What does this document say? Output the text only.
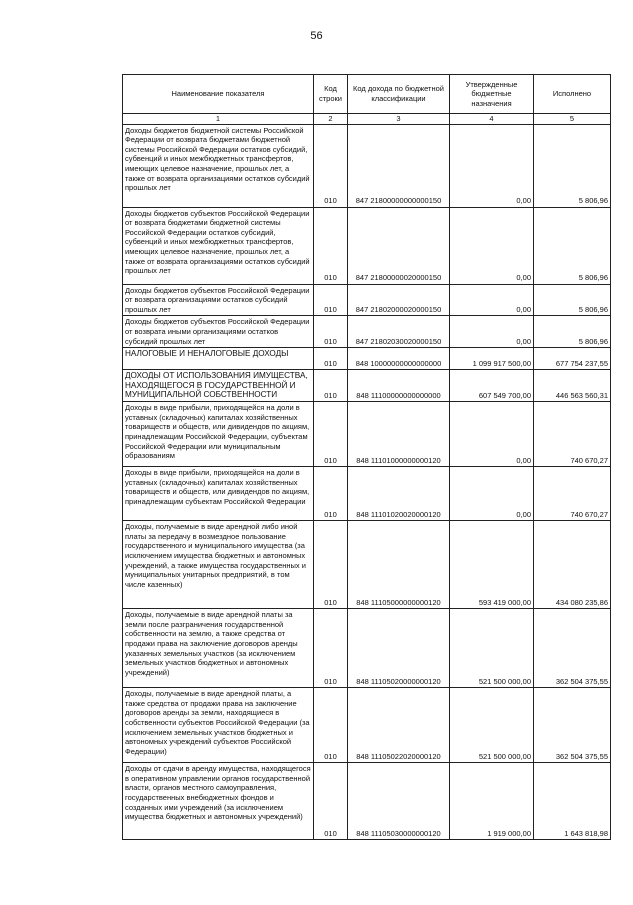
56
Наименование показателя	Код строки	Код дохода по бюджетной классификации	Утвержденные бюджетные назначения	Исполнено
1	2	3	4	5
Доходы бюджетов бюджетной системы Российской Федерации от возврата бюджетами бюджетной системы Российской Федерации остатков субсидий, субвенций и иных межбюджетных трансфертов, имеющих целевое назначение, прошлых лет, а также от возврата организациями остатков субсидий прошлых лет	010	847 21800000000000150	0,00	5 806,96
Доходы бюджетов субъектов Российской Федерации от возврата бюджетами бюджетной системы Российской Федерации остатков субсидий, субвенций и иных межбюджетных трансфертов, имеющих целевое назначение, прошлых лет, а также от возврата организациями остатков субсидий прошлых лет	010	847 21800000020000150	0,00	5 806,96
Доходы бюджетов субъектов Российской Федерации от возврата организациями остатков субсидий прошлых лет	010	847 21802000020000150	0,00	5 806,96
Доходы бюджетов субъектов Российской Федерации от возврата иными организациями остатков субсидий прошлых лет	010	847 21802030020000150	0,00	5 806,96
НАЛОГОВЫЕ И НЕНАЛОГОВЫЕ ДОХОДЫ	010	848 10000000000000000	1 099 917 500,00	677 754 237,55
ДОХОДЫ ОТ ИСПОЛЬЗОВАНИЯ ИМУЩЕСТВА, НАХОДЯЩЕГОСЯ В ГОСУДАРСТВЕННОЙ И МУНИЦИПАЛЬНОЙ СОБСТВЕННОСТИ	010	848 11100000000000000	607 549 700,00	446 563 560,31
Доходы в виде прибыли, приходящейся на доли в уставных (складочных) капиталах хозяйственных товариществ и обществ, или дивидендов по акциям, принадлежащим Российской Федерации, субъектам Российской Федерации или муниципальным образованиям	010	848 11101000000000120	0,00	740 670,27
Доходы в виде прибыли, приходящейся на доли в уставных (складочных) капиталах хозяйственных товариществ и обществ, или дивидендов по акциям, принадлежащим субъектам Российской Федерации	010	848 11101020020000120	0,00	740 670,27
Доходы, получаемые в виде арендной либо иной платы за передачу в возмездное пользование государственного и муниципального имущества (за исключением имущества бюджетных и автономных учреждений, а также имущества государственных и муниципальных унитарных предприятий, в том числе казенных)	010	848 11105000000000120	593 419 000,00	434 080 235,86
Доходы, получаемые в виде арендной платы за земли после разграничения государственной собственности на землю, а также средства от продажи права на заключение договоров аренды указанных земельных участков (за исключением земельных участков бюджетных и автономных учреждений)	010	848 11105020000000120	521 500 000,00	362 504 375,55
Доходы, получаемые в виде арендной платы, а также средства от продажи права на заключение договоров аренды за земли, находящиеся в собственности субъектов Российской Федерации (за исключением земельных участков бюджетных и автономных учреждений субъектов Российской Федерации)	010	848 11105022020000120	521 500 000,00	362 504 375,55
Доходы от сдачи в аренду имущества, находящегося в оперативном управлении органов государственной власти, органов местного самоуправления, государственных внебюджетных фондов и созданных ими учреждений (за исключением имущества бюджетных и автономных учреждений)	010	848 11105030000000120	1 919 000,00	1 643 818,98
